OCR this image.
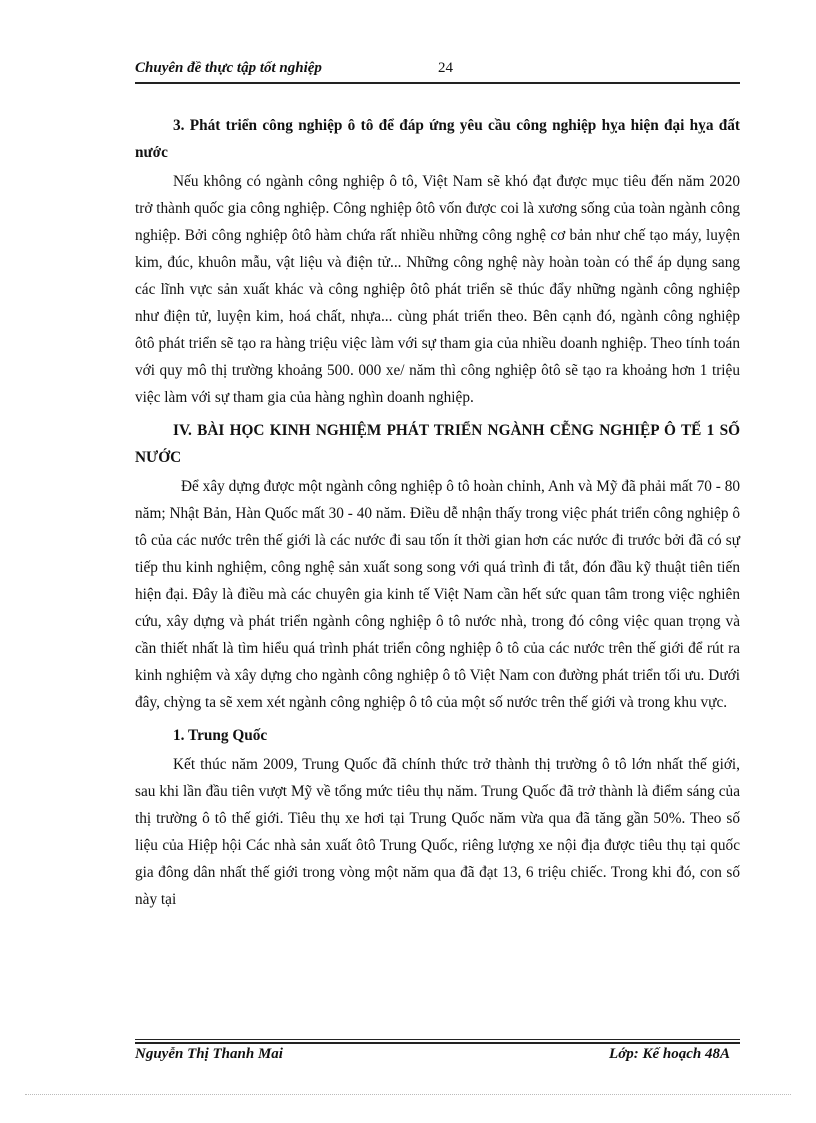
Chuyên đề thực tập tốt nghiệp	24

3. Phát triển công nghiệp ô tô để đáp ứng yêu cầu công nghiệp hỵa hiện đại hỵa đất nước

Nếu không có ngành công nghiệp ô tô, Việt Nam sẽ khó đạt được mục tiêu đến năm 2020 trở thành quốc gia công nghiệp. Công nghiệp ôtô vốn được coi là xương sống của toàn ngành công nghiệp. Bởi công nghiệp ôtô hàm chứa rất nhiều những công nghệ cơ bản như chế tạo máy, luyện kim, đúc, khuôn mẫu, vật liệu và điện tử... Những công nghệ này hoàn toàn có thể áp dụng sang các lĩnh vực sản xuất khác và công nghiệp ôtô phát triển sẽ thúc đẩy những ngành công nghiệp như điện tử, luyện kim, hoá chất, nhựa... cùng phát triển theo. Bên cạnh đó, ngành công nghiệp ôtô phát triển sẽ tạo ra hàng triệu việc làm với sự tham gia của nhiều doanh nghiệp. Theo tính toán với quy mô thị trường khoảng 500. 000 xe/ năm thì công nghiệp ôtô sẽ tạo ra khoảng hơn 1 triệu việc làm với sự tham gia của hàng nghìn doanh nghiệp.

IV. BÀI HỌC KINH NGHIỆM PHÁT TRIỂN NGÀNH CỄNG NGHIỆP Ô TẾ 1 SỐ NƯỚC

Để xây dựng được một ngành công nghiệp ô tô hoàn chỉnh, Anh và Mỹ đã phải mất 70 - 80 năm; Nhật Bản, Hàn Quốc mất 30 - 40 năm. Điều dễ nhận thấy trong việc phát triển công nghiệp ô tô của các nước trên thế giới là các nước đi sau tốn ít thời gian hơn các nước đi trước bởi đã có sự tiếp thu kinh nghiệm, công nghệ sản xuất song song với quá trình đi tắt, đón đầu kỹ thuật tiên tiến hiện đại. Đây là điều mà các chuyên gia kinh tế Việt Nam cần hết sức quan tâm trong việc nghiên cứu, xây dựng và phát triển ngành công nghiệp ô tô nước nhà, trong đó công việc quan trọng và cần thiết nhất là tìm hiểu quá trình phát triển công nghiệp ô tô của các nước trên thế giới để rút ra kinh nghiệm và xây dựng cho ngành công nghiệp ô tô Việt Nam con đường phát triển tối ưu. Dưới đây, chỳng ta sẽ xem xét ngành công nghiệp ô tô của một số nước trên thế giới và trong khu vực.

1. Trung Quốc

Kết thúc năm 2009, Trung Quốc đã chính thức trở thành thị trường ô tô lớn nhất thế giới, sau khi lần đầu tiên vượt Mỹ về tổng mức tiêu thụ năm. Trung Quốc đã trở thành là điểm sáng của thị trường ô tô thế giới. Tiêu thụ xe hơi tại Trung Quốc năm vừa qua đã tăng gần 50%. Theo số liệu của Hiệp hội Các nhà sản xuất ôtô Trung Quốc, riêng lượng xe nội địa được tiêu thụ tại quốc gia đông dân nhất thế giới trong vòng một năm qua đã đạt 13, 6 triệu chiếc. Trong khi đó, con số này tại

Nguyễn Thị Thanh Mai	Lớp: Kế hoạch 48A
